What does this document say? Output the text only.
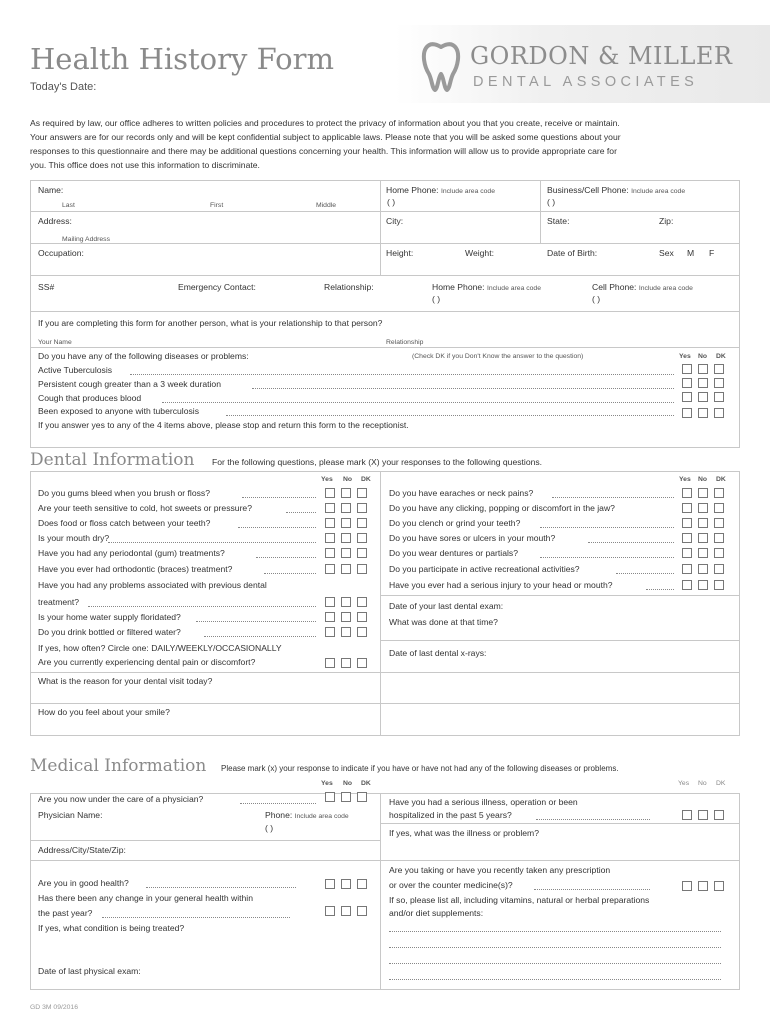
Health History Form
Today's Date:
GORDON & MILLER
DENTAL ASSOCIATES
As required by law, our office adheres to written policies and procedures to protect the privacy of information about you that you create, receive or maintain.
Your answers are for our records only and will be kept confidential subject to applicable laws. Please note that you will be asked some questions about your
responses to this questionnaire and there may be additional questions concerning your health. This information will allow us to provide appropriate care for
you. This office does not use this information to discriminate.
Name:
Last	First	Middle
Home Phone: Include area code
( )
Business/Cell Phone: Include area code
( )
Address:
Mailing Address
City:	State:	Zip:
Occupation:	Height:	Weight:	Date of Birth:	Sex M F
SS#	Emergency Contact:	Relationship:	Home Phone: Include area code
( )
Cell Phone: Include area code
( )
If you are completing this form for another person, what is your relationship to that person?
Your Name	Relationship
Do you have any of the following diseases or problems:	(Check DK if you Don't Know the answer to the question)	Yes No DK
Active Tuberculosis
Persistent cough greater than a 3 week duration
Cough that produces blood
Been exposed to anyone with tuberculosis
If you answer yes to any of the 4 items above, please stop and return this form to the receptionist.
Dental Information For the following questions, please mark (X) your responses to the following questions.
Yes No DK	Yes No DK
Do you gums bleed when you brush or floss?
Are your teeth sensitive to cold, hot sweets or pressure?
Does food or floss catch between your teeth?
Is your mouth dry?
Have you had any periodontal (gum) treatments?
Have you ever had orthodontic (braces) treatment?
Have you had any problems associated with previous dental
treatment?
Is your home water supply floridated?
Do you drink bottled or filtered water?
If yes, how often? Circle one: DAILY/WEEKLY/OCCASIONALLY
Are you currently experiencing dental pain or discomfort?
Do you have earaches or neck pains?
Do you have any clicking, popping or discomfort in the jaw?
Do you clench or grind your teeth?
Do you have sores or ulcers in your mouth?
Do you wear dentures or partials?
Do you participate in active recreational activities?
Have you ever had a serious injury to your head or mouth?
Date of your last dental exam:
What was done at that time?
Date of last dental x-rays:
What is the reason for your dental visit today?
How do you feel about your smile?
Medical Information Please mark (x) your response to indicate if you have or have not had any of the following diseases or problems.
Yes No DK	Yes No DK
Are you now under the care of a physician?
Physician Name:	Phone: Include area code
( )
Address/City/State/Zip:
Are you in good health?
Has there been any change in your general health within
the past year?
If yes, what condition is being treated?
Date of last physical exam:
Have you had a serious illness, operation or been
hospitalized in the past 5 years?
If yes, what was the illness or problem?
Are you taking or have you recently taken any prescription
or over the counter medicine(s)?
If so, please list all, including vitamins, natural or herbal preparations
and/or diet supplements:
GD 3M 09/2016
